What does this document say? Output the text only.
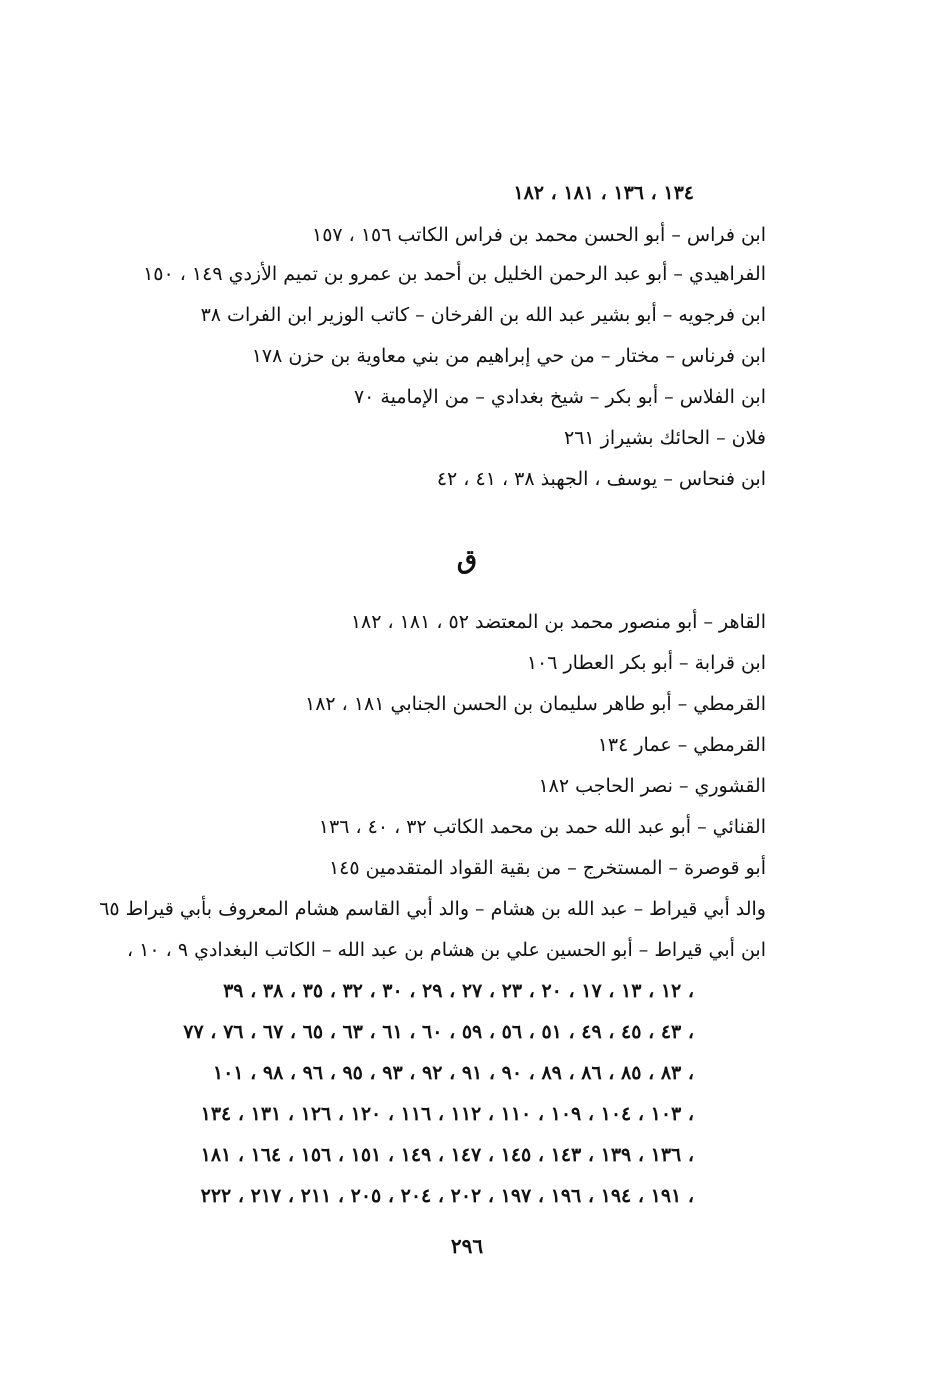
١٣٤ ، ١٣٦ ، ١٨١ ، ١٨٢
ابن فراس – أبو الحسن محمد بن فراس الكاتب ١٥٦ ، ١٥٧
الفراهيدي – أبو عبد الرحمن الخليل بن أحمد بن عمرو بن تميم الأزدي ١٤٩ ، ١٥٠
ابن فرجويه – أبو بشير عبد الله بن الفرخان – كاتب الوزير ابن الفرات ٣٨
ابن فرناس – مختار – من حي إبراهيم من بني معاوية بن حزن ١٧٨
ابن الفلاس – أبو بكر – شيخ بغدادي – من الإمامية ٧٠
فلان – الحائك بشيراز ٢٦١
ابن فنحاس – يوسف ، الجهبذ ٣٨ ، ٤١ ، ٤٢
ق
القاهر – أبو منصور محمد بن المعتضد ٥٢ ، ١٨١ ، ١٨٢
ابن قرابة – أبو بكر العطار ١٠٦
القرمطي – أبو طاهر سليمان بن الحسن الجنابي ١٨١ ، ١٨٢
القرمطي – عمار ١٣٤
القشوري – نصر الحاجب ١٨٢
القنائي – أبو عبد الله حمد بن محمد الكاتب ٣٢ ، ٤٠ ، ١٣٦
أبو قوصرة – المستخرج – من بقية القواد المتقدمين ١٤٥
والد أبي قيراط – عبد الله بن هشام – والد أبي القاسم هشام المعروف بأبي قيراط ٦٥
ابن أبي قيراط – أبو الحسين علي بن هشام بن عبد الله – الكاتب البغدادي ٩ ، ١٠ ،
١٢ ، ١٣ ، ١٧ ، ٢٠ ، ٢٣ ، ٢٧ ، ٢٩ ، ٣٠ ، ٣٢ ، ٣٥ ، ٣٨ ، ٣٩ ،
٤٣ ، ٤٥ ، ٤٩ ، ٥١ ، ٥٦ ، ٥٩ ، ٦٠ ، ٦١ ، ٦٣ ، ٦٥ ، ٦٧ ، ٧٦ ، ٧٧ ،
٨٣ ، ٨٥ ، ٨٦ ، ٨٩ ، ٩٠ ، ٩١ ، ٩٢ ، ٩٣ ، ٩٥ ، ٩٦ ، ٩٨ ، ١٠١ ،
١٠٣ ، ١٠٤ ، ١٠٩ ، ١١٠ ، ١١٢ ، ١١٦ ، ١٢٠ ، ١٢٦ ، ١٣١ ، ١٣٤ ،
١٣٦ ، ١٣٩ ، ١٤٣ ، ١٤٥ ، ١٤٧ ، ١٤٩ ، ١٥١ ، ١٥٦ ، ١٦٤ ، ١٨١ ،
١٩١ ، ١٩٤ ، ١٩٦ ، ١٩٧ ، ٢٠٢ ، ٢٠٤ ، ٢٠٥ ، ٢١١ ، ٢١٧ ، ٢٢٢ ،
٢٩٦
